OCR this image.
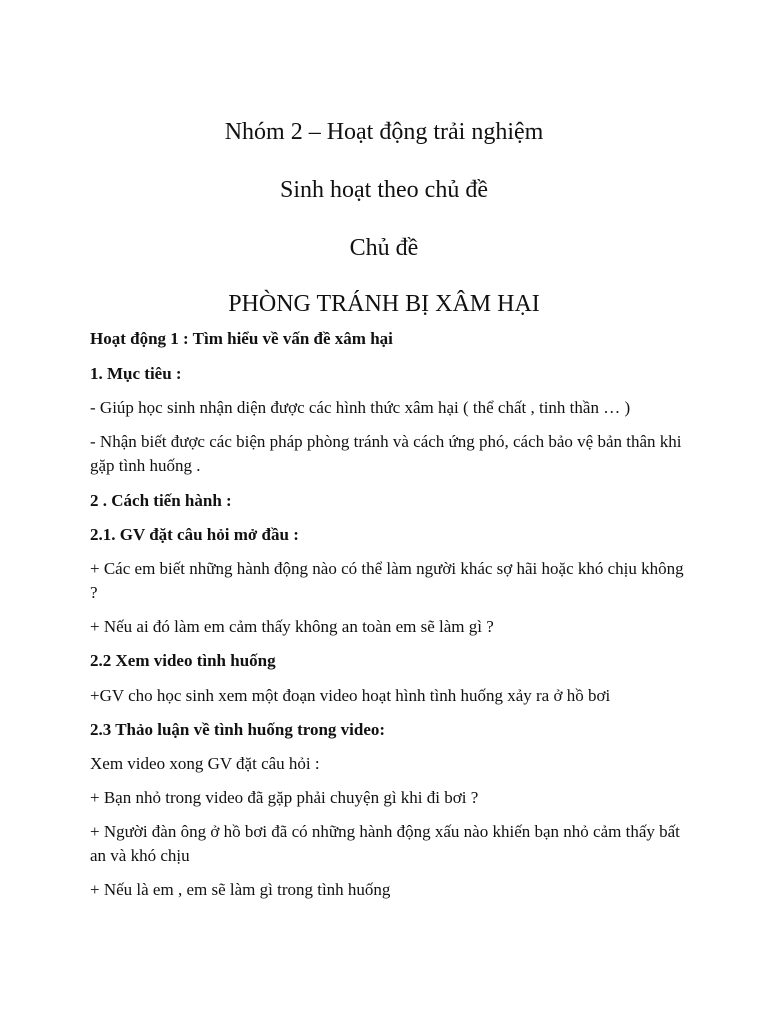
Nhóm 2 – Hoạt động trải nghiệm
Sinh hoạt theo chủ đề
Chủ đề
PHÒNG TRÁNH BỊ XÂM HẠI
Hoạt động 1 : Tìm hiểu về vấn đề xâm hại
1. Mục tiêu :
- Giúp học sinh nhận diện được các hình thức xâm hại ( thể chất , tinh thần … )
- Nhận biết được các biện pháp phòng tránh và cách ứng phó, cách bảo vệ bản thân khi gặp tình huống .
2 . Cách tiến hành :
2.1. GV đặt câu hỏi mở đầu :
+ Các em biết những hành động nào có thể làm người khác sợ hãi hoặc khó chịu không ?
+ Nếu ai đó làm em cảm thấy không an toàn em sẽ làm gì ?
2.2 Xem video tình huống
+GV cho học sinh xem một đoạn video hoạt hình tình huống xảy ra ở hồ bơi
2.3 Thảo luận về tình huống trong video:
Xem video xong GV đặt câu hỏi :
+ Bạn nhỏ trong video đã gặp phải chuyện gì khi đi bơi ?
+ Người đàn ông ở hồ bơi đã có những hành động xấu nào khiến bạn nhỏ cảm thấy bất an và khó chịu
+ Nếu là em , em sẽ làm gì trong tình huống
